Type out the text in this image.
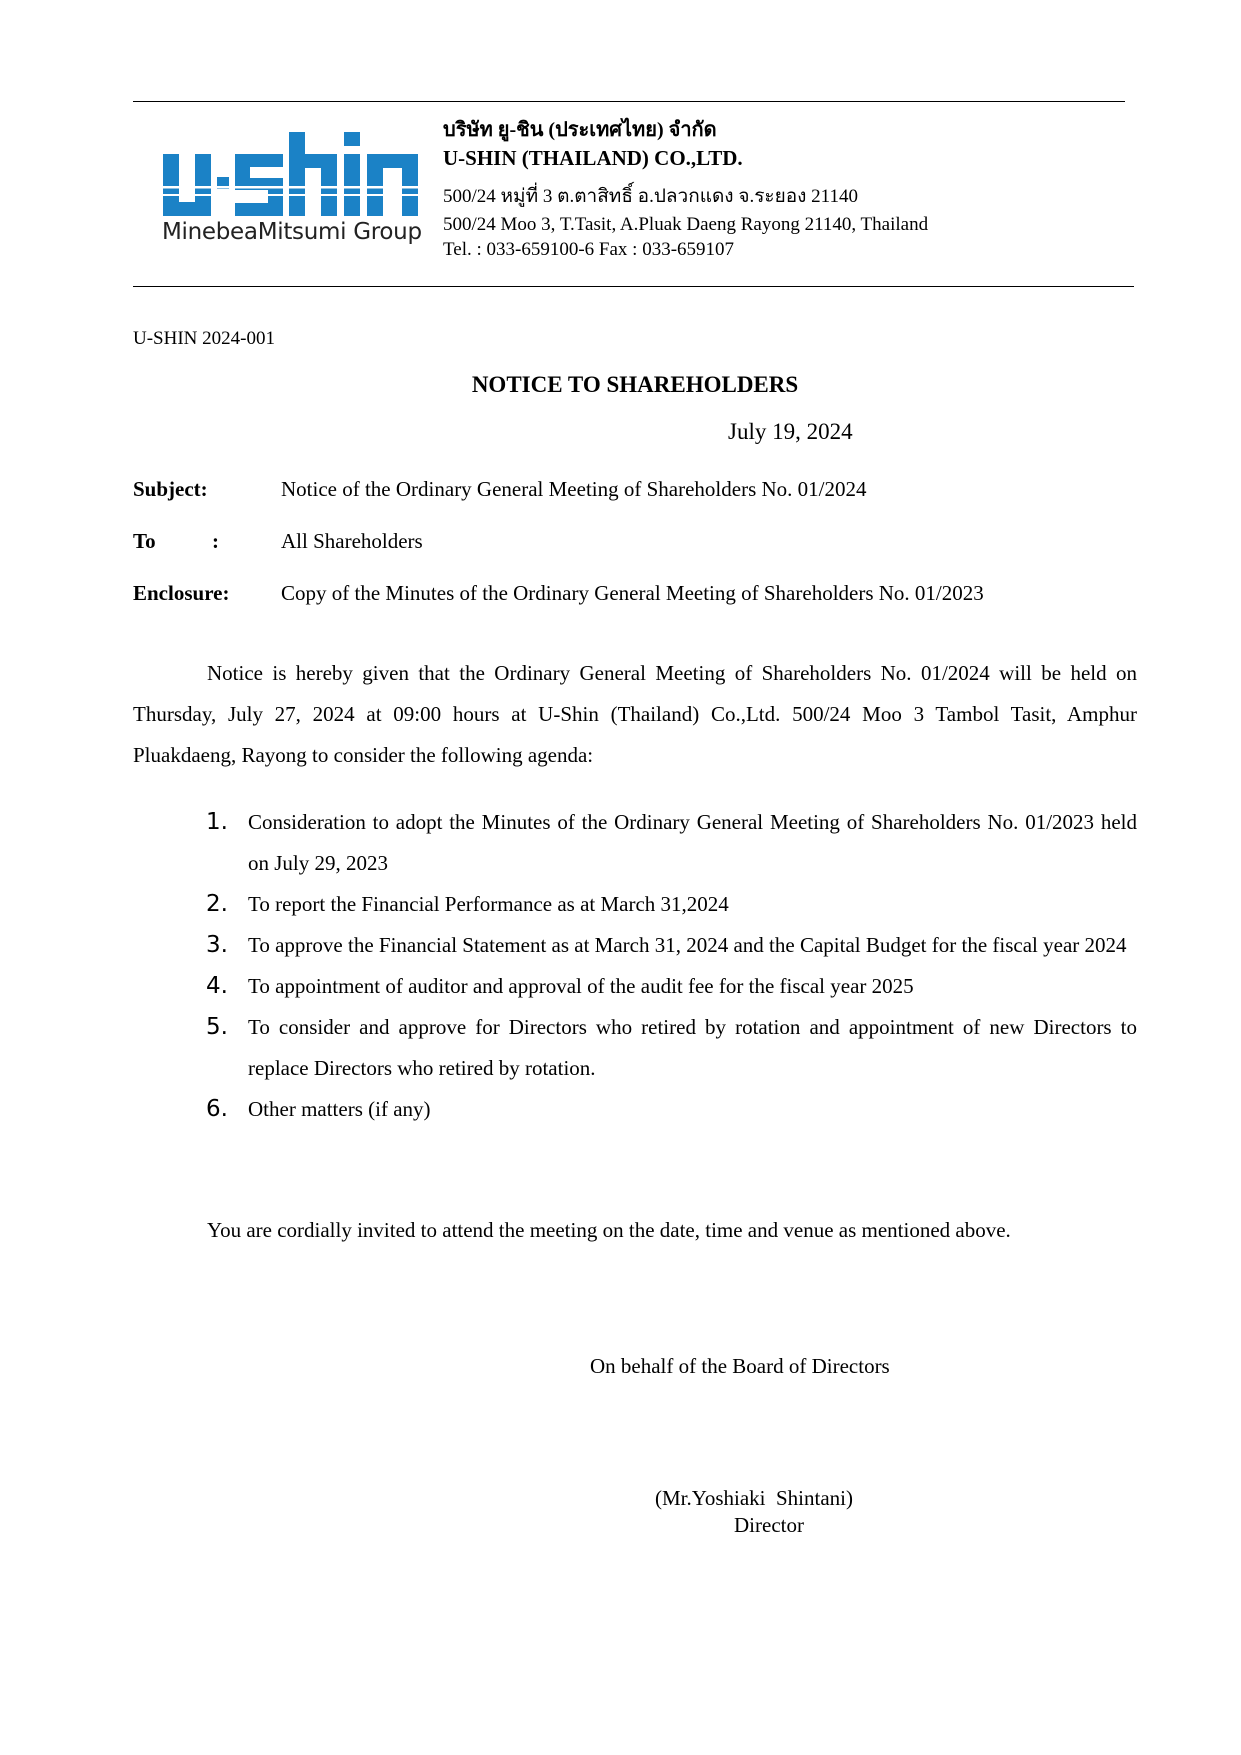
MinebeaMitsumi Group
บริษัท ยู-ชิน (ประเทศไทย) จำกัด
U-SHIN (THAILAND) CO.,LTD.
500/24 หมู่ที่ 3 ต.ตาสิทธิ์ อ.ปลวกแดง จ.ระยอง 21140
500/24 Moo 3, T.Tasit, A.Pluak Daeng Rayong 21140, Thailand
Tel. : 033-659100-6 Fax : 033-659107
U-SHIN 2024-001
NOTICE TO SHAREHOLDERS
July 19, 2024
Subject:	Notice of the Ordinary General Meeting of Shareholders No. 01/2024
To	:	All Shareholders
Enclosure: Copy of the Minutes of the Ordinary General Meeting of Shareholders No. 01/2023
Notice is hereby given that the Ordinary General Meeting of Shareholders No. 01/2024 will be held on Thursday, July 27, 2024 at 09:00 hours at U-Shin (Thailand) Co.,Ltd. 500/24 Moo 3 Tambol Tasit, Amphur Pluakdaeng, Rayong to consider the following agenda:
1. Consideration to adopt the Minutes of the Ordinary General Meeting of Shareholders No. 01/2023 held on July 29, 2023
2. To report the Financial Performance as at March 31,2024
3. To approve the Financial Statement as at March 31, 2024 and the Capital Budget for the fiscal year 2024
4. To appointment of auditor and approval of the audit fee for the fiscal year 2025
5. To consider and approve for Directors who retired by rotation and appointment of new Directors to replace Directors who retired by rotation.
6. Other matters (if any)
You are cordially invited to attend the meeting on the date, time and venue as mentioned above.
On behalf of the Board of Directors
(Mr.Yoshiaki  Shintani)
Director
